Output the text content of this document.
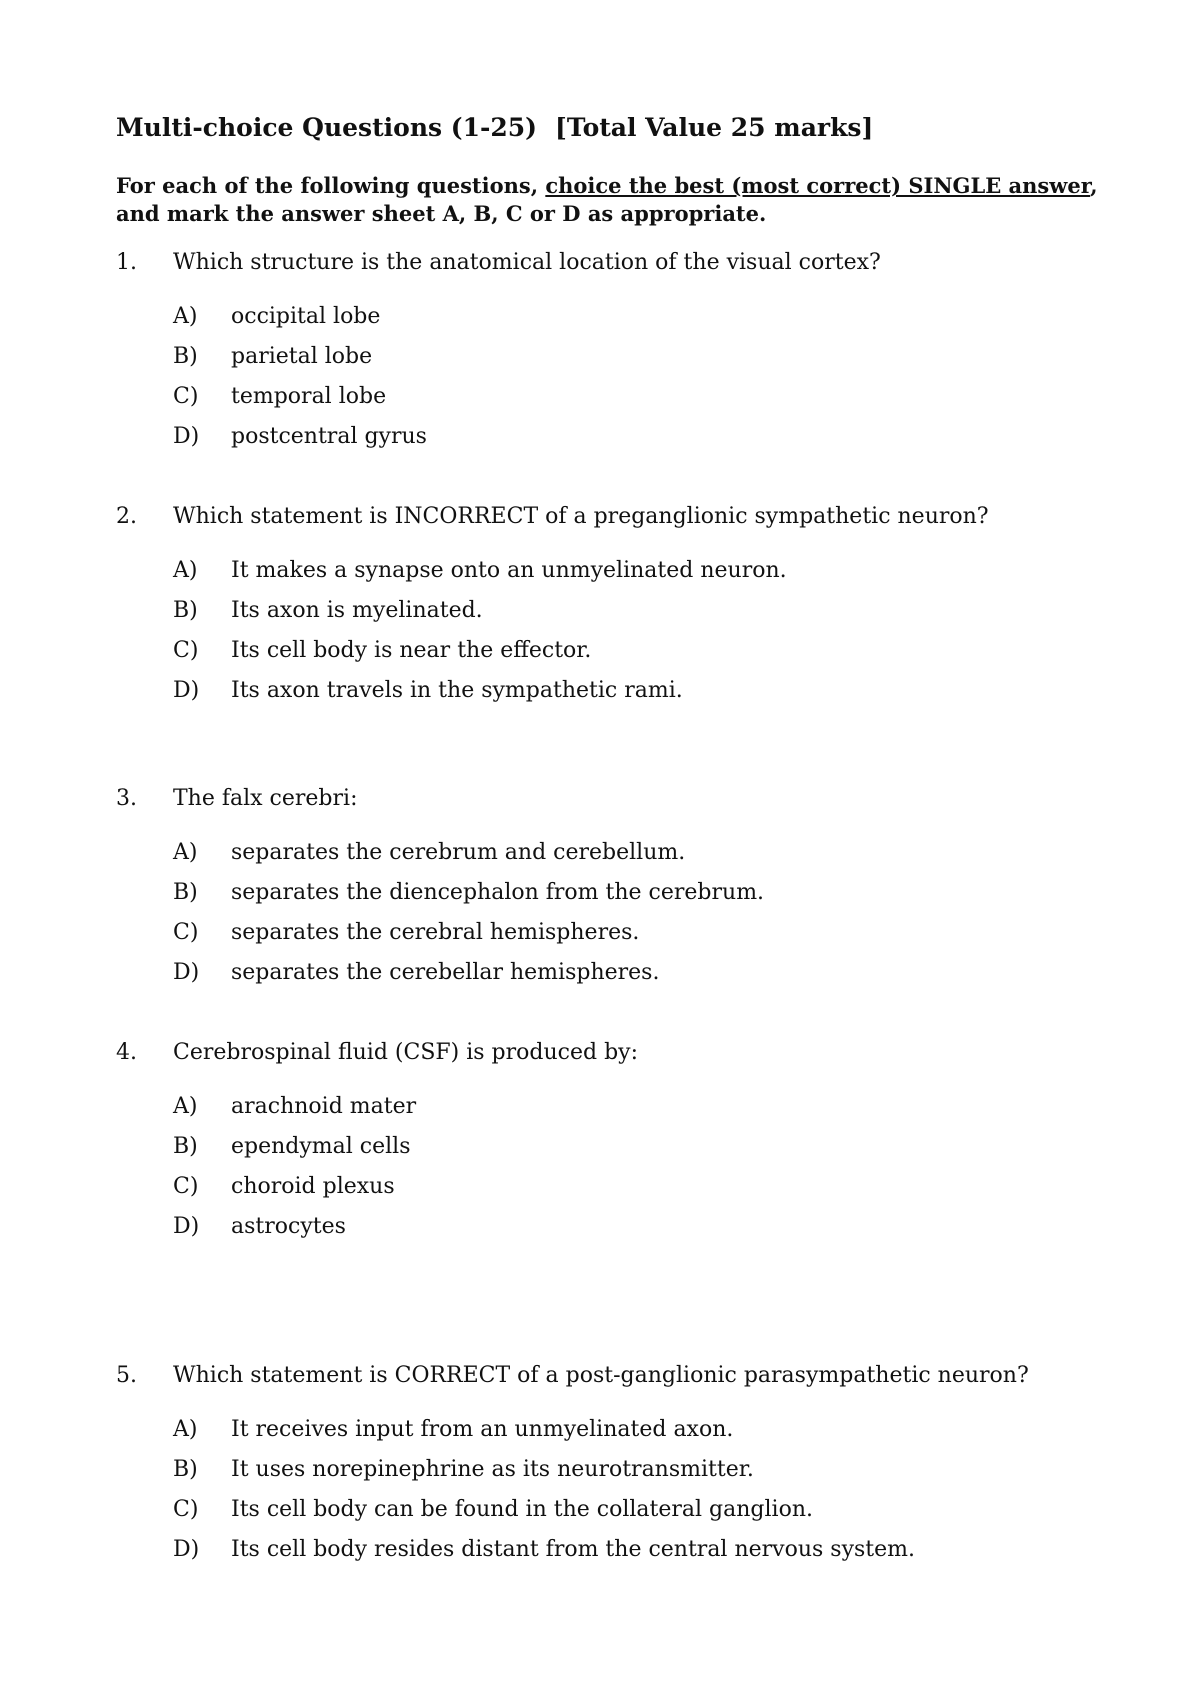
Multi-choice Questions (1-25) [Total Value 25 marks]
For each of the following questions, choice the best (most correct) SINGLE answer, and mark the answer sheet A, B, C or D as appropriate.
1. Which structure is the anatomical location of the visual cortex?
A) occipital lobe
B) parietal lobe
C) temporal lobe
D) postcentral gyrus
2. Which statement is INCORRECT of a preganglionic sympathetic neuron?
A) It makes a synapse onto an unmyelinated neuron.
B) Its axon is myelinated.
C) Its cell body is near the effector.
D) Its axon travels in the sympathetic rami.
3. The falx cerebri:
A) separates the cerebrum and cerebellum.
B) separates the diencephalon from the cerebrum.
C) separates the cerebral hemispheres.
D) separates the cerebellar hemispheres.
4. Cerebrospinal fluid (CSF) is produced by:
A) arachnoid mater
B) ependymal cells
C) choroid plexus
D) astrocytes
5. Which statement is CORRECT of a post-ganglionic parasympathetic neuron?
A) It receives input from an unmyelinated axon.
B) It uses norepinephrine as its neurotransmitter.
C) Its cell body can be found in the collateral ganglion.
D) Its cell body resides distant from the central nervous system.
